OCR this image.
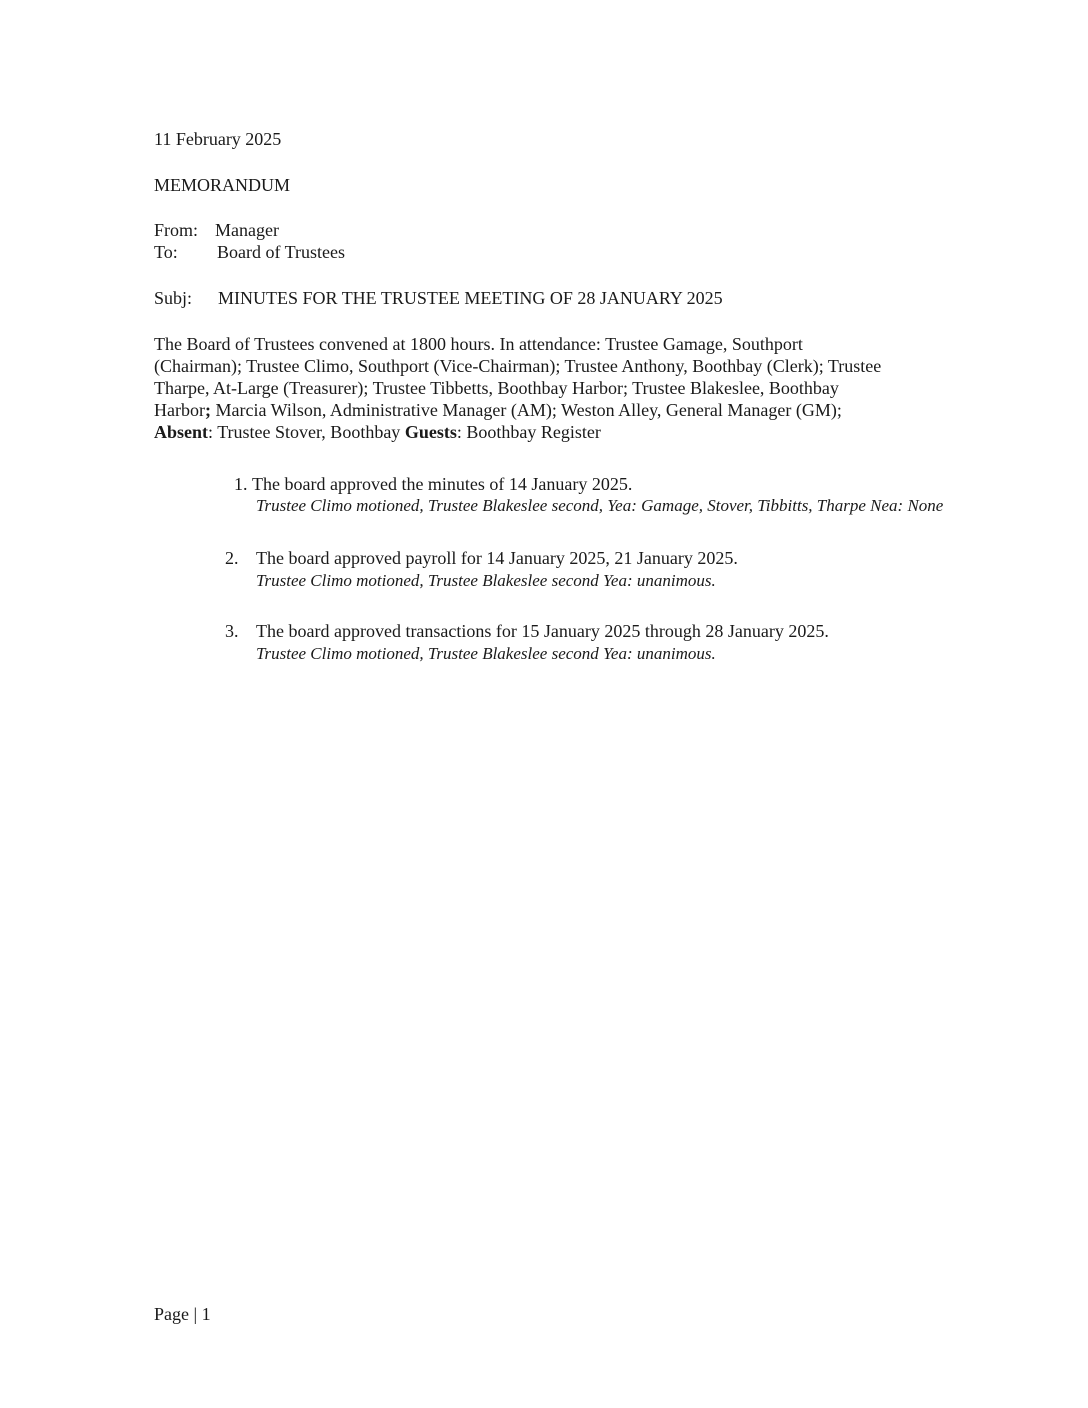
11 February 2025
MEMORANDUM
From: Manager
To: Board of Trustees
Subj: MINUTES FOR THE TRUSTEE MEETING OF 28 JANUARY 2025
The Board of Trustees convened at 1800 hours. In attendance: Trustee Gamage, Southport
(Chairman); Trustee Climo, Southport (Vice-Chairman); Trustee Anthony, Boothbay (Clerk); Trustee
Tharpe, At-Large (Treasurer); Trustee Tibbetts, Boothbay Harbor; Trustee Blakeslee, Boothbay
Harbor; Marcia Wilson, Administrative Manager (AM); Weston Alley, General Manager (GM);
Absent: Trustee Stover, Boothbay Guests: Boothbay Register
1. The board approved the minutes of 14 January 2025.
Trustee Climo motioned, Trustee Blakeslee second, Yea: Gamage, Stover, Tibbitts, Tharpe Nea: None
2. The board approved payroll for 14 January 2025, 21 January 2025.
Trustee Climo motioned, Trustee Blakeslee second Yea: unanimous.
3. The board approved transactions for 15 January 2025 through 28 January 2025.
Trustee Climo motioned, Trustee Blakeslee second Yea: unanimous.
Page | 1
